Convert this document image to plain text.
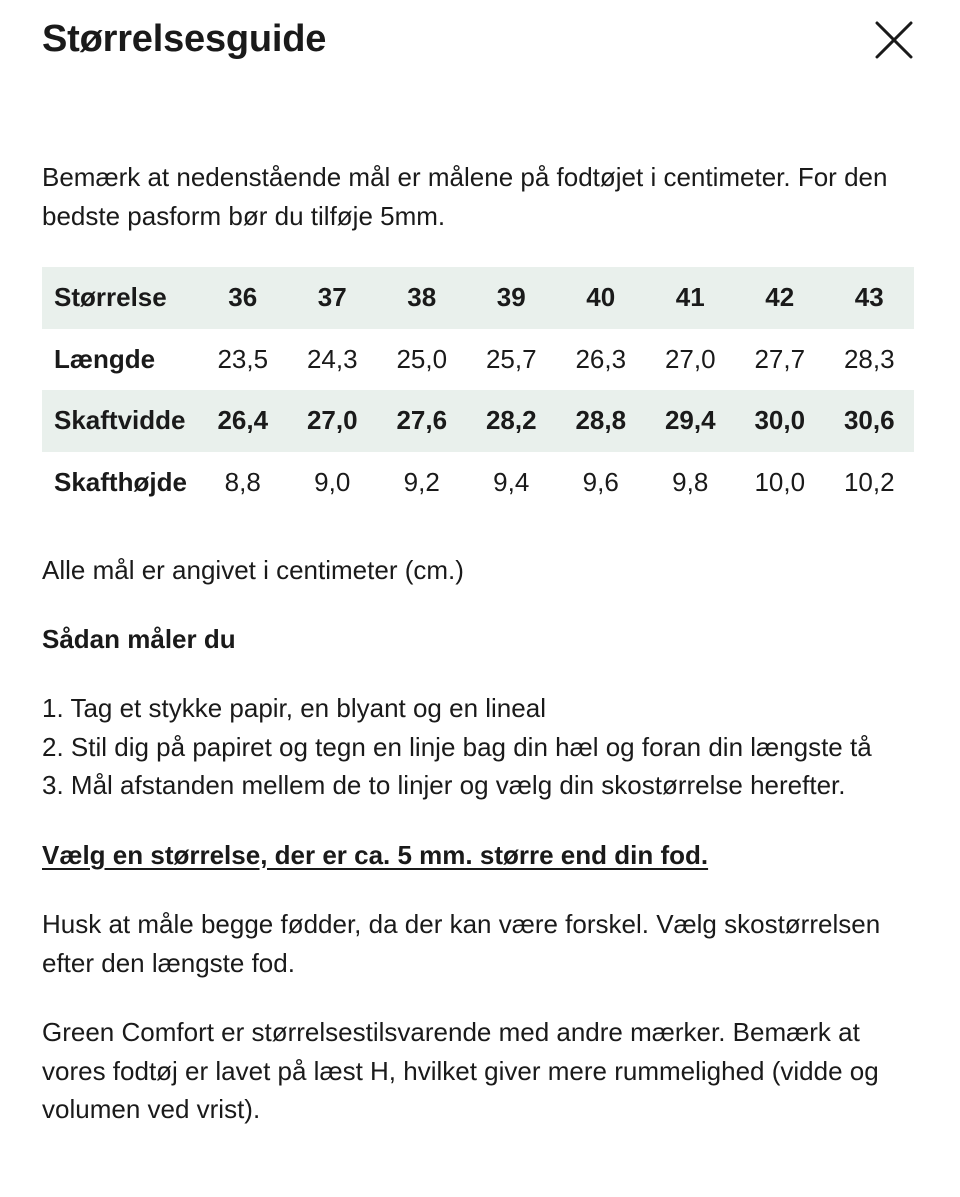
Størrelsesguide

Bemærk at nedenstående mål er målene på fodtøjet i centimeter. For den bedste pasform bør du tilføje 5mm.

Størrelse	36	37	38	39	40	41	42	43
Længde	23,5	24,3	25,0	25,7	26,3	27,0	27,7	28,3
Skaftvidde	26,4	27,0	27,6	28,2	28,8	29,4	30,0	30,6
Skafthøjde	8,8	9,0	9,2	9,4	9,6	9,8	10,0	10,2

Alle mål er angivet i centimeter (cm.)

Sådan måler du

1. Tag et stykke papir, en blyant og en lineal
2. Stil dig på papiret og tegn en linje bag din hæl og foran din længste tå
3. Mål afstanden mellem de to linjer og vælg din skostørrelse herefter.

Vælg en størrelse, der er ca. 5 mm. større end din fod.

Husk at måle begge fødder, da der kan være forskel. Vælg skostørrelsen efter den længste fod.

Green Comfort er størrelsestilsvarende med andre mærker. Bemærk at vores fodtøj er lavet på læst H, hvilket giver mere rummelighed (vidde og volumen ved vrist).
